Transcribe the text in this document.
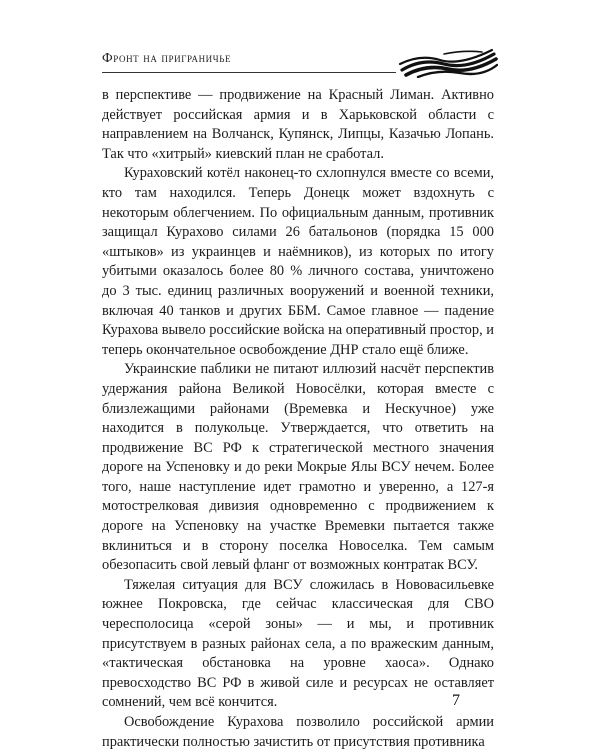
Фронт на приграничье

в перспективе — продвижение на Красный Лиман. Активно действует российская армия и в Харьковской области с направлением на Волчанск, Купянск, Липцы, Казачью Лопань. Так что «хитрый» киевский план не сработал.

Кураховский котёл наконец-то схлопнулся вместе со всеми, кто там находился. Теперь Донецк может вздохнуть с некоторым облегчением. По официальным данным, противник защищал Курахово силами 26 батальонов (порядка 15 000 «штыков» из украинцев и наёмников), из которых по итогу убитыми оказалось более 80 % личного состава, уничтожено до 3 тыс. единиц различных вооружений и военной техники, включая 40 танков и других ББМ. Самое главное — падение Курахова вывело российские войска на оперативный простор, и теперь окончательное освобождение ДНР стало ещё ближе.

Украинские паблики не питают иллюзий насчёт перспектив удержания района Великой Новосёлки, которая вместе с близлежащими районами (Времевка и Нескучное) уже находится в полукольце. Утверждается, что ответить на продвижение ВС РФ к стратегической местного значения дороге на Успеновку и до реки Мокрые Ялы ВСУ нечем. Более того, наше наступление идет грамотно и уверенно, а 127-я мотострелковая дивизия одновременно с продвижением к дороге на Успеновку на участке Времевки пытается также вклиниться и в сторону поселка Новоселка. Тем самым обезопасить свой левый фланг от возможных контратак ВСУ.

Тяжелая ситуация для ВСУ сложилась в Нововасильевке южнее Покровска, где сейчас классическая для СВО чересполосица «серой зоны» — и мы, и противник присутствуем в разных районах села, а по вражеским данным, «тактическая обстановка на уровне хаоса». Однако превосходство ВС РФ в живой силе и ресурсах не оставляет сомнений, чем всё кончится.

Освобождение Курахова позволило российской армии практически полностью зачистить от присутствия противника

7
